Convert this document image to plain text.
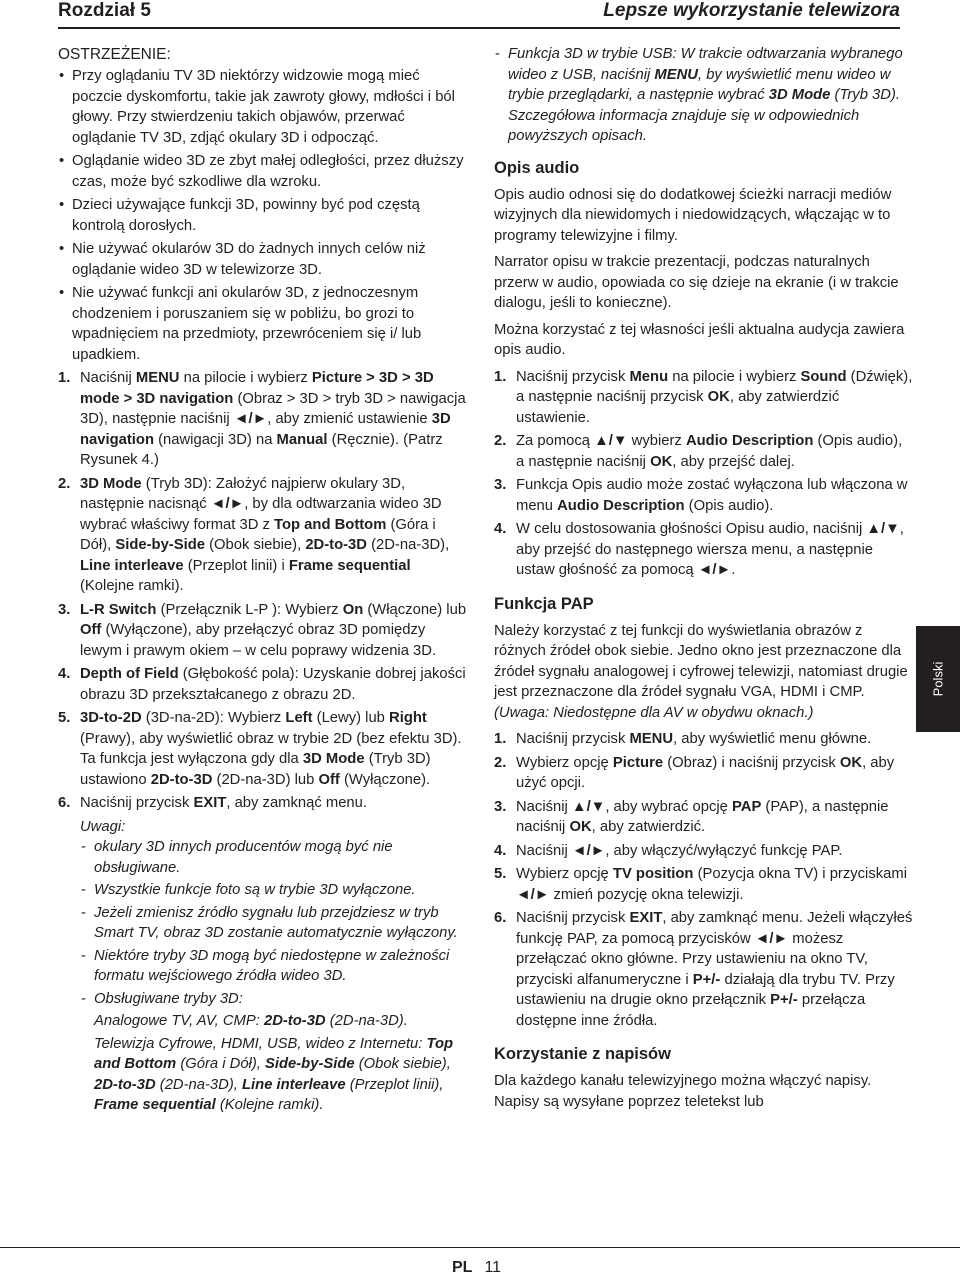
Rozdział 5	Lepsze wykorzystanie telewizora
OSTRZEŻENIE:
• Przy oglądaniu TV 3D niektórzy widzowie mogą mieć poczcie dyskomfortu, takie jak zawroty głowy, mdłości i ból głowy. Przy stwierdzeniu takich objawów, przerwać oglądanie TV 3D, zdjąć okulary 3D i odpocząć.
• Oglądanie wideo 3D ze zbyt małej odległości, przez dłuższy czas, może być szkodliwe dla wzroku.
• Dzieci używające funkcji 3D, powinny być pod częstą kontrolą dorosłych.
• Nie używać okularów 3D do żadnych innych celów niż oglądanie wideo 3D w telewizorze 3D.
• Nie używać funkcji ani okularów 3D, z jednoczesnym chodzeniem i poruszaniem się w pobliżu, bo grozi to wpadnięciem na przedmioty, przewróceniem się i/ lub upadkiem.
1. Naciśnij MENU na pilocie i wybierz Picture > 3D > 3D mode > 3D navigation (Obraz > 3D > tryb 3D > nawigacja 3D), następnie naciśnij ◄/►, aby zmienić ustawienie 3D navigation (nawigacji 3D) na Manual (Ręcznie). (Patrz Rysunek 4.)
2. 3D Mode (Tryb 3D): Założyć najpierw okulary 3D, następnie nacisnąć ◄/►, by dla odtwarzania wideo 3D wybrać właściwy format 3D z Top and Bottom (Góra i Dół), Side-by-Side (Obok siebie), 2D-to-3D (2D-na-3D), Line interleave (Przeplot linii) i Frame sequential (Kolejne ramki).
3. L-R Switch (Przełącznik L-P ): Wybierz On (Włączone) lub Off (Wyłączone), aby przełączyć obraz 3D pomiędzy lewym i prawym okiem – w celu poprawy widzenia 3D.
4. Depth of Field (Głębokość pola): Uzyskanie dobrej jakości obrazu 3D przekształcanego z obrazu 2D.
5. 3D-to-2D (3D-na-2D): Wybierz Left (Lewy) lub Right (Prawy), aby wyświetlić obraz w trybie 2D (bez efektu 3D). Ta funkcja jest wyłączona gdy dla 3D Mode (Tryb 3D) ustawiono 2D-to-3D (2D-na-3D) lub Off (Wyłączone).
6. Naciśnij przycisk EXIT, aby zamknąć menu.
Uwagi:
- okulary 3D innych producentów mogą być nie obsługiwane.
- Wszystkie funkcje foto są w trybie 3D wyłączone.
- Jeżeli zmienisz źródło sygnału lub przejdziesz w tryb Smart TV, obraz 3D zostanie automatycznie wyłączony.
- Niektóre tryby 3D mogą być niedostępne w zależności formatu wejściowego źródła wideo 3D.
- Obsługiwane tryby 3D:
Analogowe TV, AV, CMP: 2D-to-3D (2D-na-3D).
Telewizja Cyfrowe, HDMI, USB, wideo z Internetu: Top and Bottom (Góra i Dół), Side-by-Side (Obok siebie), 2D-to-3D (2D-na-3D), Line interleave (Przeplot linii), Frame sequential (Kolejne ramki).
- Funkcja 3D w trybie USB: W trakcie odtwarzania wybranego wideo z USB, naciśnij MENU, by wyświetlić menu wideo w trybie przeglądarki, a następnie wybrać 3D Mode (Tryb 3D). Szczegółowa informacja znajduje się w odpowiednich powyższych opisach.
Opis audio
Opis audio odnosi się do dodatkowej ścieżki narracji mediów wizyjnych dla niewidomych i niedowidzących, włączając w to programy telewizyjne i filmy.
Narrator opisu w trakcie prezentacji, podczas naturalnych przerw w audio, opowiada co się dzieje na ekranie (i w trakcie dialogu, jeśli to konieczne).
Można korzystać z tej własności jeśli aktualna audycja zawiera opis audio.
1. Naciśnij przycisk Menu na pilocie i wybierz Sound (Dźwięk), a następnie naciśnij przycisk OK, aby zatwierdzić ustawienie.
2. Za pomocą ▲/▼ wybierz Audio Description (Opis audio), a następnie naciśnij OK, aby przejść dalej.
3. Funkcja Opis audio może zostać wyłączona lub włączona w menu Audio Description (Opis audio).
4. W celu dostosowania głośności Opisu audio, naciśnij ▲/▼, aby przejść do następnego wiersza menu, a następnie ustaw głośność za pomocą ◄/►.
Funkcja PAP
Należy korzystać z tej funkcji do wyświetlania obrazów z różnych źródeł obok siebie. Jedno okno jest przeznaczone dla źródeł sygnału analogowej i cyfrowej telewizji, natomiast drugie jest przeznaczone dla źródeł sygnału VGA, HDMI i CMP. (Uwaga: Niedostępne dla AV w obydwu oknach.)
1. Naciśnij przycisk MENU, aby wyświetlić menu główne.
2. Wybierz opcję Picture (Obraz) i naciśnij przycisk OK, aby użyć opcji.
3. Naciśnij ▲/▼, aby wybrać opcję PAP (PAP), a następnie naciśnij OK, aby zatwierdzić.
4. Naciśnij ◄/►, aby włączyć/wyłączyć funkcję PAP.
5. Wybierz opcję TV position (Pozycja okna TV) i przyciskami ◄/► zmień pozycję okna telewizji.
6. Naciśnij przycisk EXIT, aby zamknąć menu. Jeżeli włączyłeś funkcję PAP, za pomocą przycisków ◄/► możesz przełączać okno główne. Przy ustawieniu na okno TV, przyciski alfanumeryczne i P+/- działają dla trybu TV. Przy ustawieniu na drugie okno przełącznik P+/- przełącza dostępne inne źródła.
Korzystanie z napisów
Dla każdego kanału telewizyjnego można włączyć napisy. Napisy są wysyłane poprzez teletekst lub
Polski
PL 11
